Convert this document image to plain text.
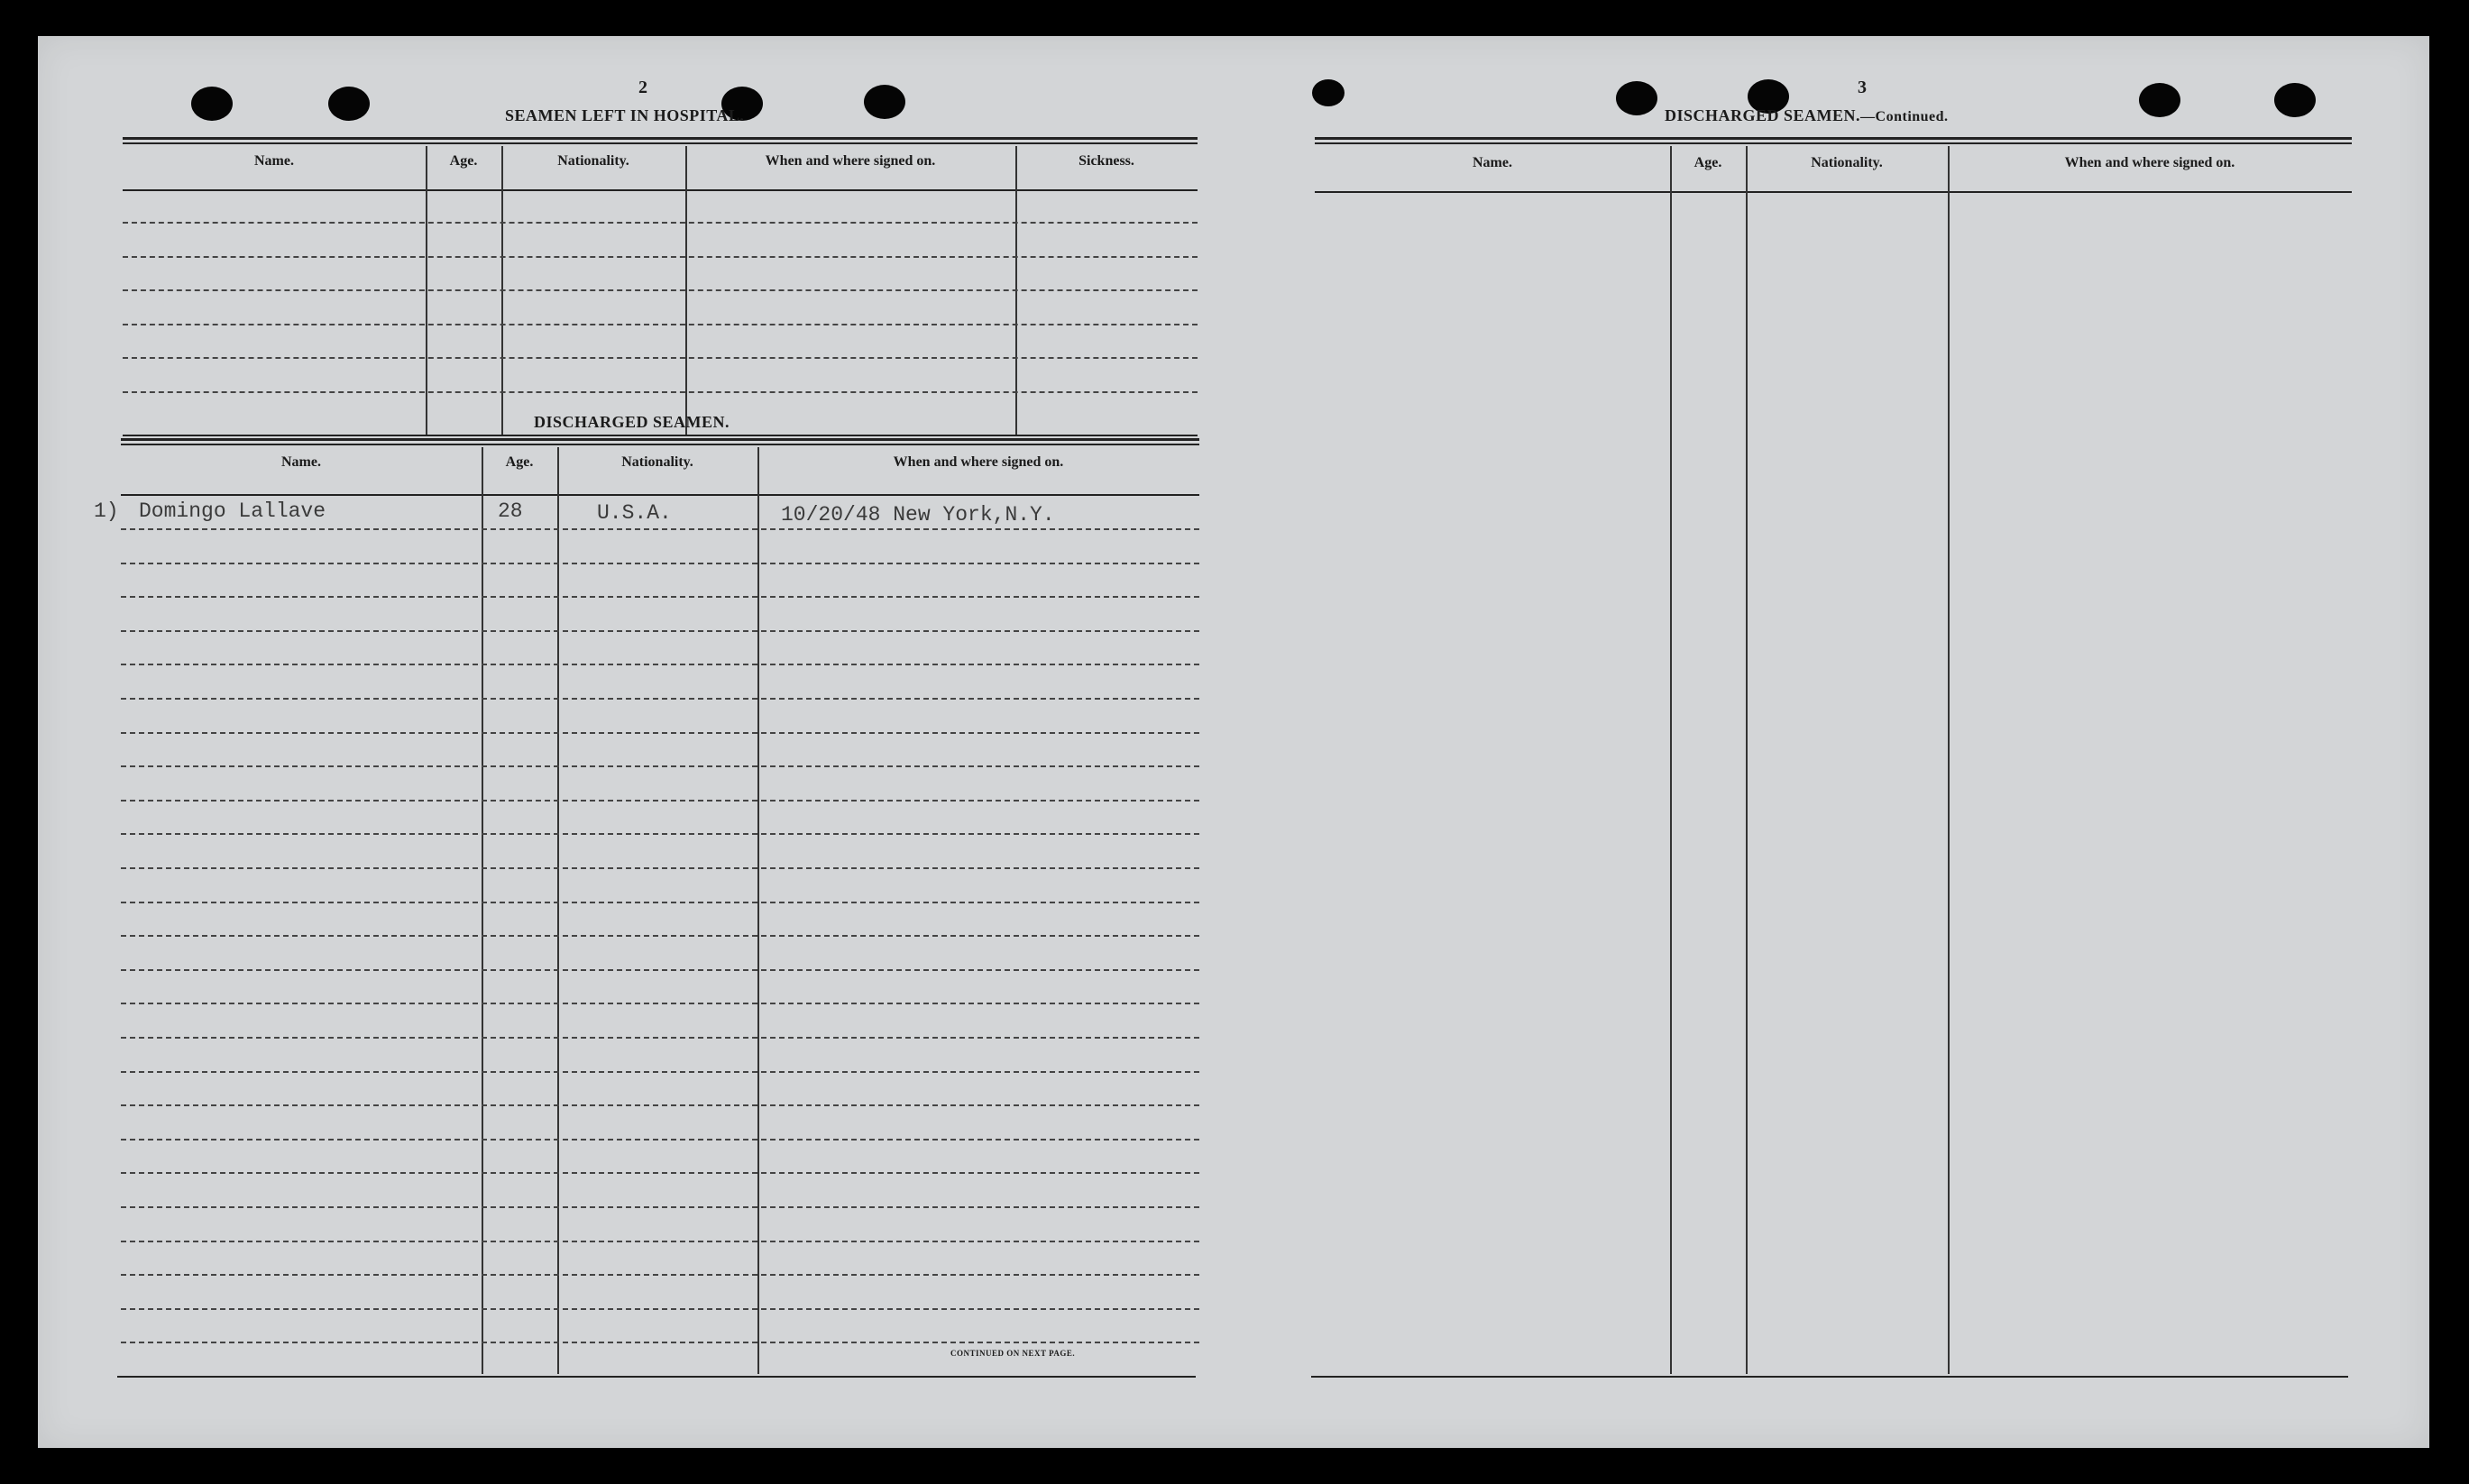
2
SEAMEN LEFT IN HOSPITAL.
Name.	Age.	Nationality.	When and where signed on.	Sickness.
DISCHARGED SEAMEN.
Name.	Age.	Nationality.	When and where signed on.
1) Domingo Lallave	28	U.S.A.	10/20/48 New York,N.Y.
CONTINUED ON NEXT PAGE.
3
DISCHARGED SEAMEN.—Continued.
Name.	Age.	Nationality.	When and where signed on.
